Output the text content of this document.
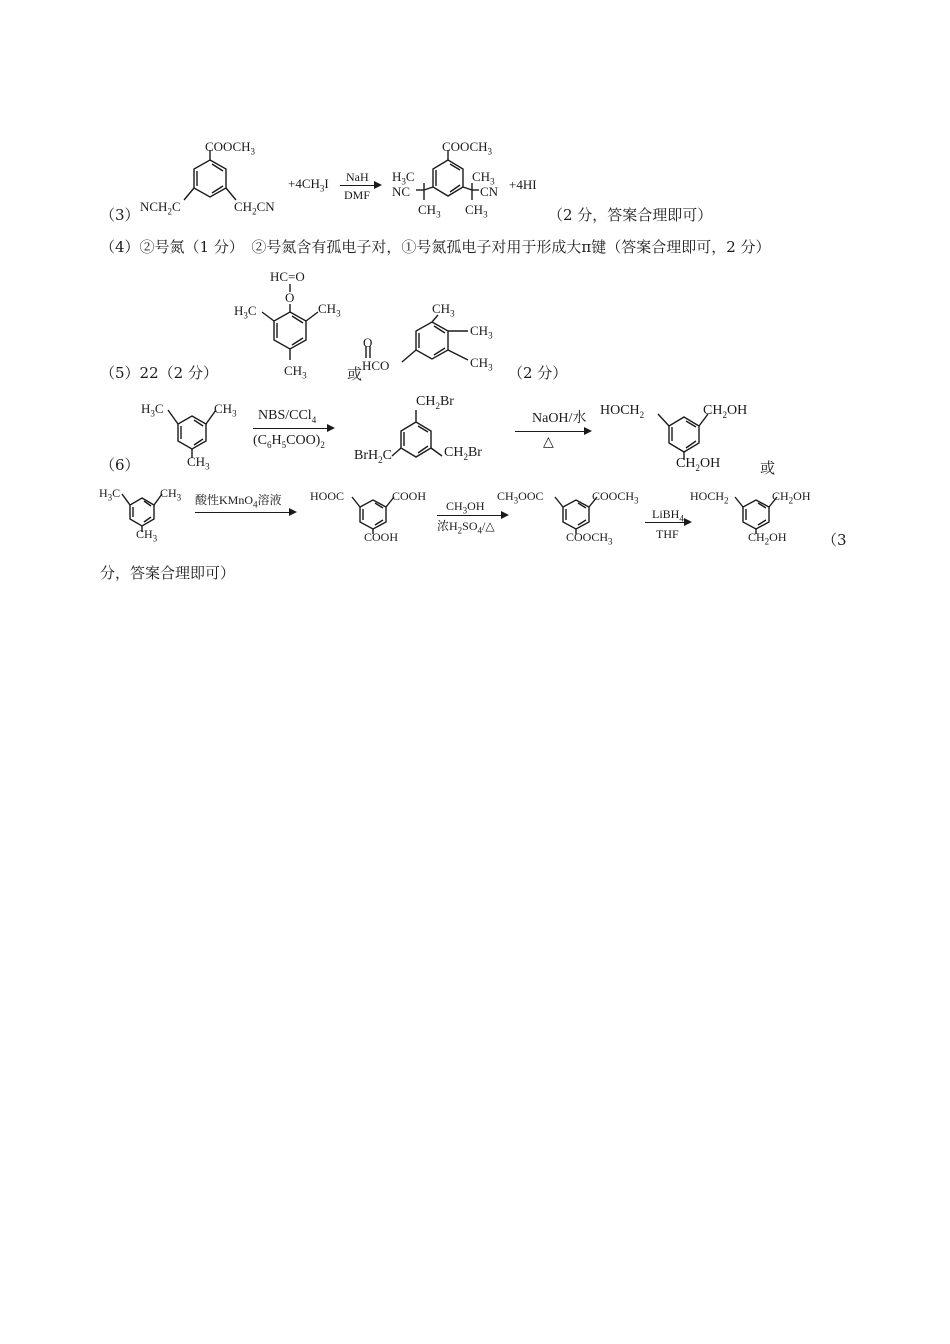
（3）
$COOCH_3$
$NCH_2C$	$CH_2CN$
$+4CH_3I$ NaH
DMF
$COOCH_3$
$H_3C$
NC
$CH_3$
$CH_3$
CN
$CH_3$
+4HI
（2 分，答案合理即可）
（4）②号氮（1 分）　②号氮含有孤电子对，①号氮孤电子对用于形成大π键（答案合理即可，2 分）
（5）22（2 分）
HC=O
O
$H_3C$	$CH_3$
$CH_3$	或
O
HCO
$CH_3$
$CH_3$
$CH_3$ （2 分）
（6）
$H_3C$	$CH_3$
$CH_3$
NBS/CCl$_4$
$(C_6H_5COO)_2$
$CH_2Br$
BrH$_2$C	$CH_2Br$
NaOH/水
△
$HOCH_2$	$CH_2OH$
$CH_2OH$	或
$H_3C$	$CH_3$
$CH_3$
酸性KMnO$_4$溶液 HOOC	COOH
COOH
$CH_3OH$
浓$H_2SO_4/\triangle$
$CH_3OOC$	$COOCH_3$
$COOCH_3$
LiBH$_4$
THF
$HOCH_2$	$CH_2OH$
$CH_2OH$ （3
分，答案合理即可）
